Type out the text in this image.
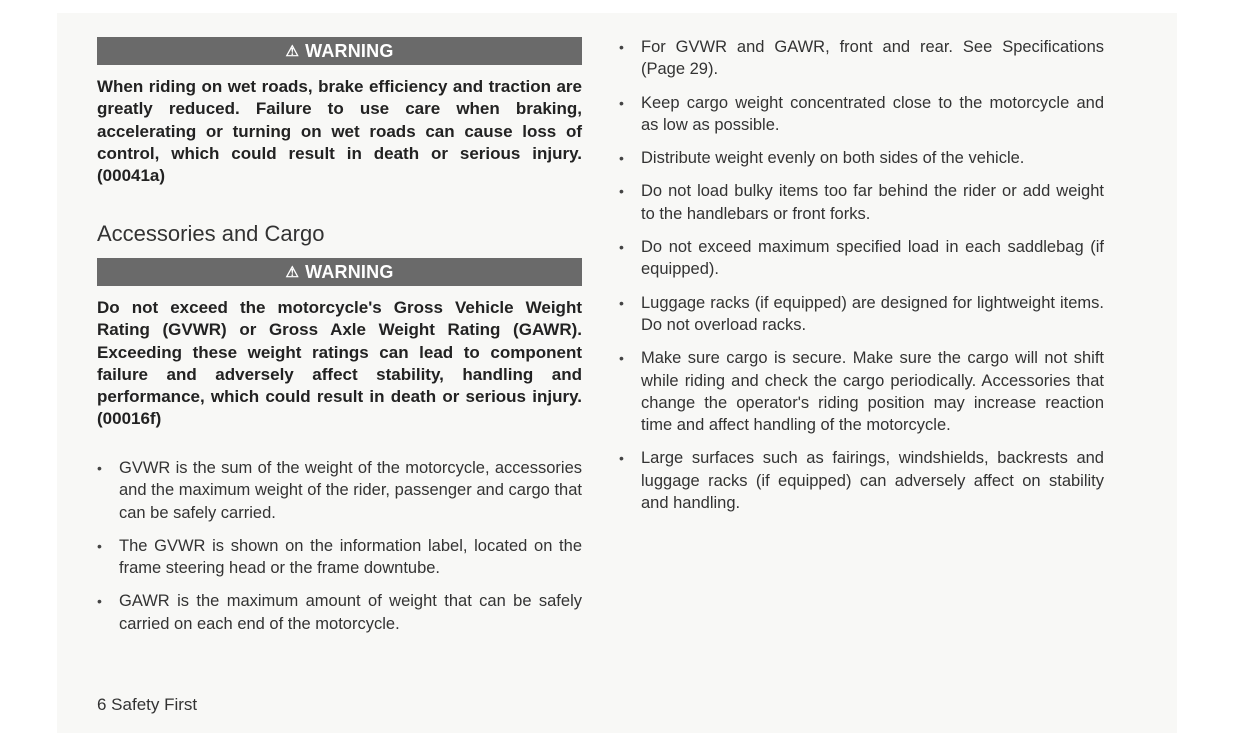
⚠ WARNING

When riding on wet roads, brake efficiency and traction are greatly reduced. Failure to use care when braking, accelerating or turning on wet roads can cause loss of control, which could result in death or serious injury. (00041a)

Accessories and Cargo
⚠ WARNING

Do not exceed the motorcycle's Gross Vehicle Weight Rating (GVWR) or Gross Axle Weight Rating (GAWR). Exceeding these weight ratings can lead to component failure and adversely affect stability, handling and performance, which could result in death or serious injury. (00016f)

• GVWR is the sum of the weight of the motorcycle, accessories and the maximum weight of the rider, passenger and cargo that can be safely carried.
• The GVWR is shown on the information label, located on the frame steering head or the frame downtube.
• GAWR is the maximum amount of weight that can be safely carried on each end of the motorcycle.
• For GVWR and GAWR, front and rear. See Specifications (Page 29).
• Keep cargo weight concentrated close to the motorcycle and as low as possible.
• Distribute weight evenly on both sides of the vehicle.
• Do not load bulky items too far behind the rider or add weight to the handlebars or front forks.
• Do not exceed maximum specified load in each saddlebag (if equipped).
• Luggage racks (if equipped) are designed for lightweight items. Do not overload racks.
• Make sure cargo is secure. Make sure the cargo will not shift while riding and check the cargo periodically. Accessories that change the operator's riding position may increase reaction time and affect handling of the motorcycle.
• Large surfaces such as fairings, windshields, backrests and luggage racks (if equipped) can adversely affect on stability and handling.
6 Safety First
